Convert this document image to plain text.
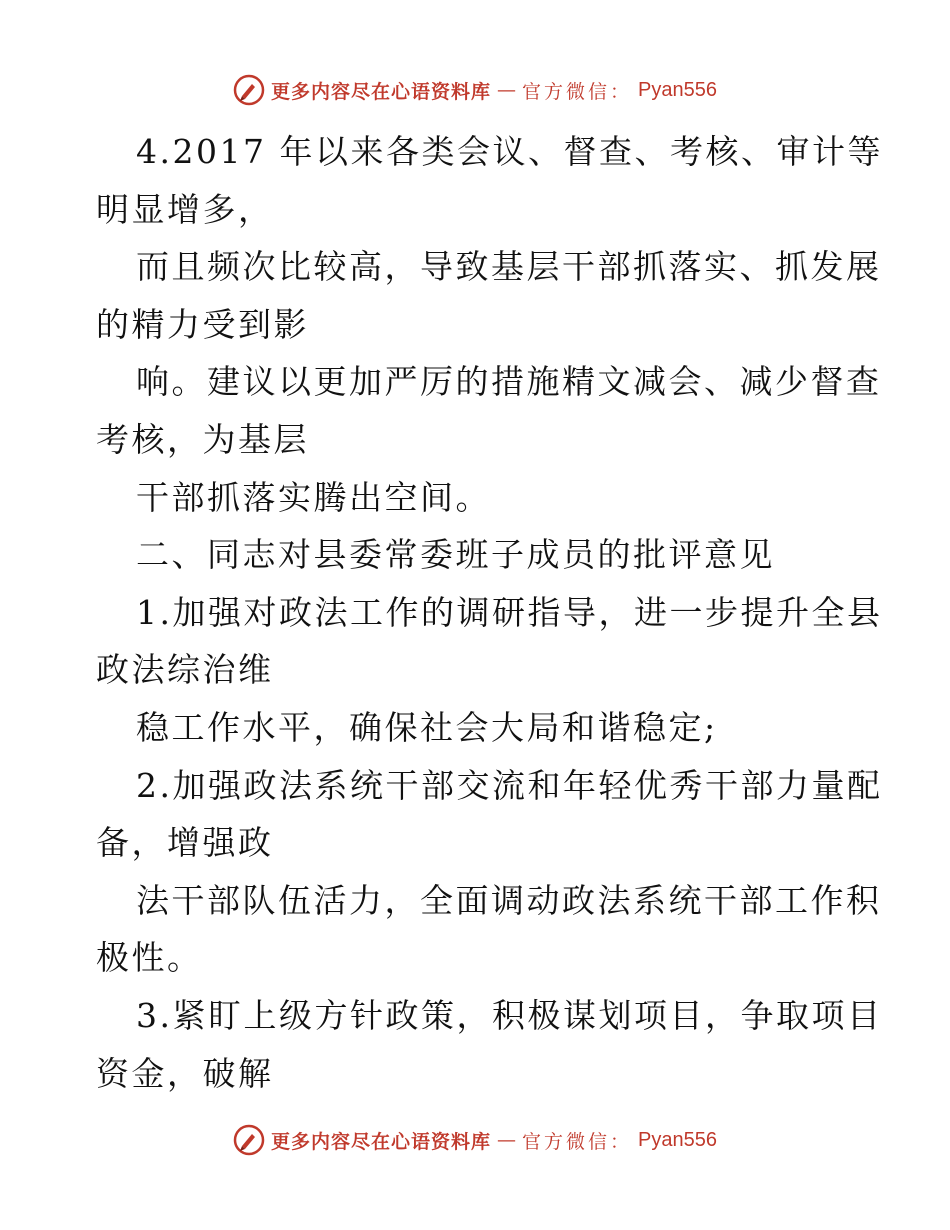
更多内容尽在心语资料库 — 官方微信： Pyan556
4.2017 年以来各类会议、督查、考核、审计等
明显增多，
而且频次比较高，导致基层干部抓落实、抓发展
的精力受到影
响。建议以更加严厉的措施精文减会、减少督查
考核，为基层
干部抓落实腾出空间。
二、同志对县委常委班子成员的批评意见
1.加强对政法工作的调研指导，进一步提升全县
政法综治维
稳工作水平，确保社会大局和谐稳定;
2.加强政法系统干部交流和年轻优秀干部力量配
备，增强政
法干部队伍活力，全面调动政法系统干部工作积
极性。
3.紧盯上级方针政策，积极谋划项目，争取项目
资金，破解
更多内容尽在心语资料库 — 官方微信： Pyan556
